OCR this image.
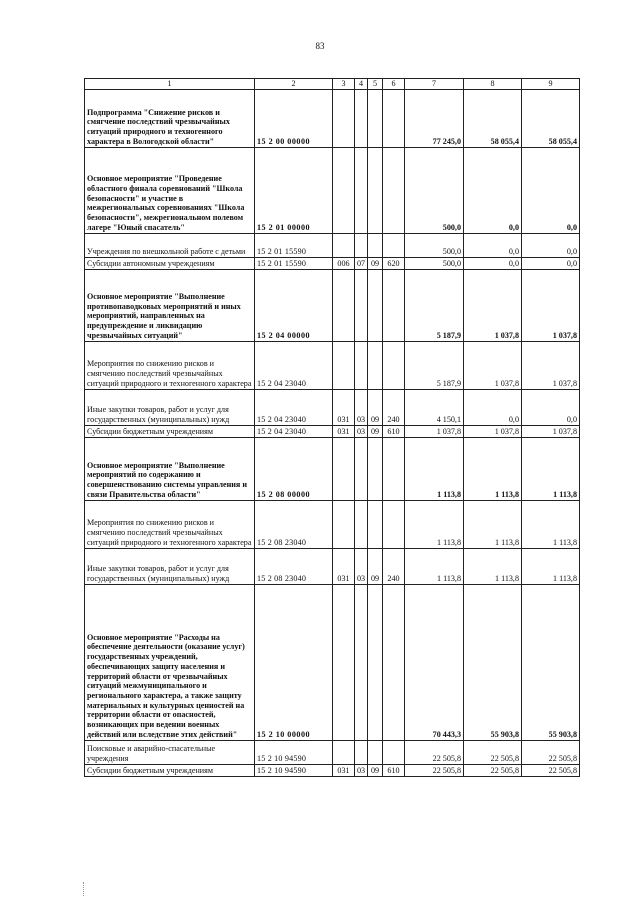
83
1	2	3	4	5	6	7	8	9
Подпрограмма "Снижение рисков и смягчение последствий чрезвычайных ситуаций природного и техногенного характера в Вологодской области"	15 2 00 00000					77 245,0	58 055,4	58 055,4
Основное мероприятие "Проведение областного финала соревнований "Школа безопасности" и участие в межрегиональных соревнованиях "Школа безопасности", межрегиональном полевом лагере "Юный спасатель"	15 2 01 00000					500,0	0,0	0,0
Учреждения по внешкольной работе с детьми	15 2 01 15590					500,0	0,0	0,0
Субсидии автономным учреждениям	15 2 01 15590	006	07	09	620	500,0	0,0	0,0
Основное мероприятие "Выполнение противопаводковых мероприятий и иных мероприятий, направленных на предупреждение и ликвидацию чрезвычайных ситуаций"	15 2 04 00000					5 187,9	1 037,8	1 037,8
Мероприятия по снижению рисков и смягчению последствий чрезвычайных ситуаций природного и техногенного характера	15 2 04 23040					5 187,9	1 037,8	1 037,8
Иные закупки товаров, работ и услуг для государственных (муниципальных) нужд	15 2 04 23040	031	03	09	240	4 150,1	0,0	0,0
Субсидии бюджетным учреждениям	15 2 04 23040	031	03	09	610	1 037,8	1 037,8	1 037,8
Основное мероприятие "Выполнение мероприятий по содержанию и совершенствованию системы управления и связи Правительства области"	15 2 08 00000					1 113,8	1 113,8	1 113,8
Мероприятия по снижению рисков и смягчению последствий чрезвычайных ситуаций природного и техногенного характера	15 2 08 23040					1 113,8	1 113,8	1 113,8
Иные закупки товаров, работ и услуг для государственных (муниципальных) нужд	15 2 08 23040	031	03	09	240	1 113,8	1 113,8	1 113,8
Основное мероприятие "Расходы на обеспечение деятельности (оказание услуг) государственных учреждений, обеспечивающих защиту населения и территорий области от чрезвычайных ситуаций межмуниципального и регионального характера, а также защиту материальных и культурных ценностей на территории области от опасностей, возникающих при ведении военных действий или вследствие этих действий"	15 2 10 00000					70 443,3	55 903,8	55 903,8
Поисковые и аварийно-спасательные учреждения	15 2 10 94590					22 505,8	22 505,8	22 505,8
Субсидии бюджетным учреждениям	15 2 10 94590	031	03	09	610	22 505,8	22 505,8	22 505,8
